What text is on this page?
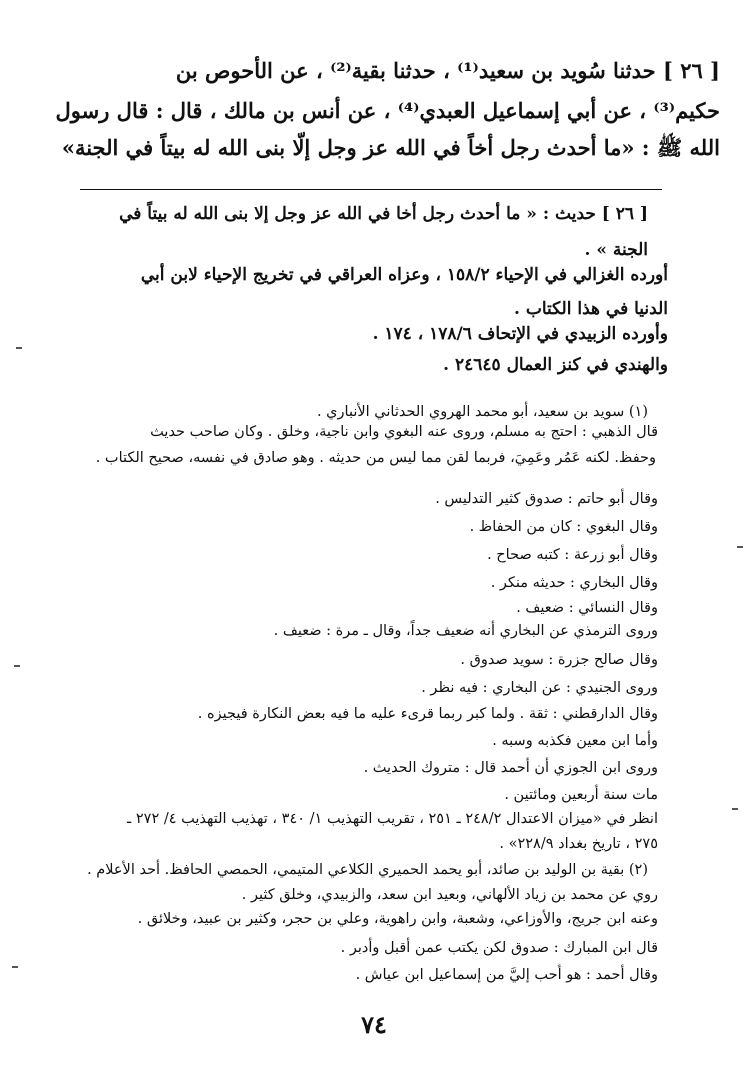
[ ٢٦ ] حدثنا سُويد بن سعيد⁽¹⁾ ، حدثنا بقية⁽²⁾ ، عن الأحوص بن
حكيم⁽³⁾ ، عن أبي إسماعيل العبدي⁽⁴⁾ ، عن أنس بن مالك ، قال : قال رسول
الله ﷺ : «ما أحدث رجل أخاً في الله عز وجل إلّا بنى الله له بيتاً في الجنة»
[ ٢٦ ] حديث : « ما أحدث رجل أخا في الله عز وجل إلا بنى الله له بيتاً في
الجنة » .
أورده الغزالي في الإحياء ١٥٨/٢ ، وعزاه العراقي في تخريج الإحياء لابن أبي
الدنيا في هذا الكتاب .
وأورده الزبيدي في الإتحاف ١٧٨/٦ ، ١٧٤ .
والهندي في كنز العمال ٢٤٦٤٥ .
(١) سويد بن سعيد، أبو محمد الهروي الحدثاني الأنباري .
قال الذهبي : احتج به مسلم، وروى عنه البغوي وابن ناجية، وخلق . وكان صاحب حديث
وحفظ. لكنه عَمُر وعَمِيَ، فربما لقن مما ليس من حديثه . وهو صادق في نفسه، صحيح الكتاب .
وقال أبو حاتم : صدوق كثير التدليس .
وقال البغوي : كان من الحفاظ .
وقال أبو زرعة : كتبه صحاح .
وقال البخاري : حديثه منكر .
وقال النسائي : ضعيف .
وروى الترمذي عن البخاري أنه ضعيف جداً، وقال ـ مرة : ضعيف .
وقال صالح جزرة : سويد صدوق .
وروى الجنيدي : عن البخاري : فيه نظر .
وقال الدارقطني : ثقة . ولما كبر ربما قرىء عليه ما فيه بعض النكارة فيجيزه .
وأما ابن معين فكذبه وسبه .
وروى ابن الجوزي أن أحمد قال : متروك الحديث .
مات سنة أربعين ومائتين .
انظر في «ميزان الاعتدال ٢٤٨/٢ ـ ٢٥١ ، تقريب التهذيب ١/ ٣٤٠ ، تهذيب التهذيب ٤/ ٢٧٢ ـ
٢٧٥ ، تاريخ بغداد ٢٢٨/٩» .
(٢) بقية بن الوليد بن صائد، أبو يحمد الحميري الكلاعي المتيمي، الحمصي الحافظ. أحد الأعلام .
روي عن محمد بن زياد الألهاني، وبعيد ابن سعد، والزبيدي، وخلق كثير .
وعنه ابن جريج، والأوزاعي، وشعبة، وابن راهوية، وعلي بن حجر، وكثير بن عبيد، وخلائق .
قال ابن المبارك : صدوق لكن يكتب عمن أقبل وأدبر .
وقال أحمد : هو أحب إليَّ من إسماعيل ابن عياش .
٧٤
